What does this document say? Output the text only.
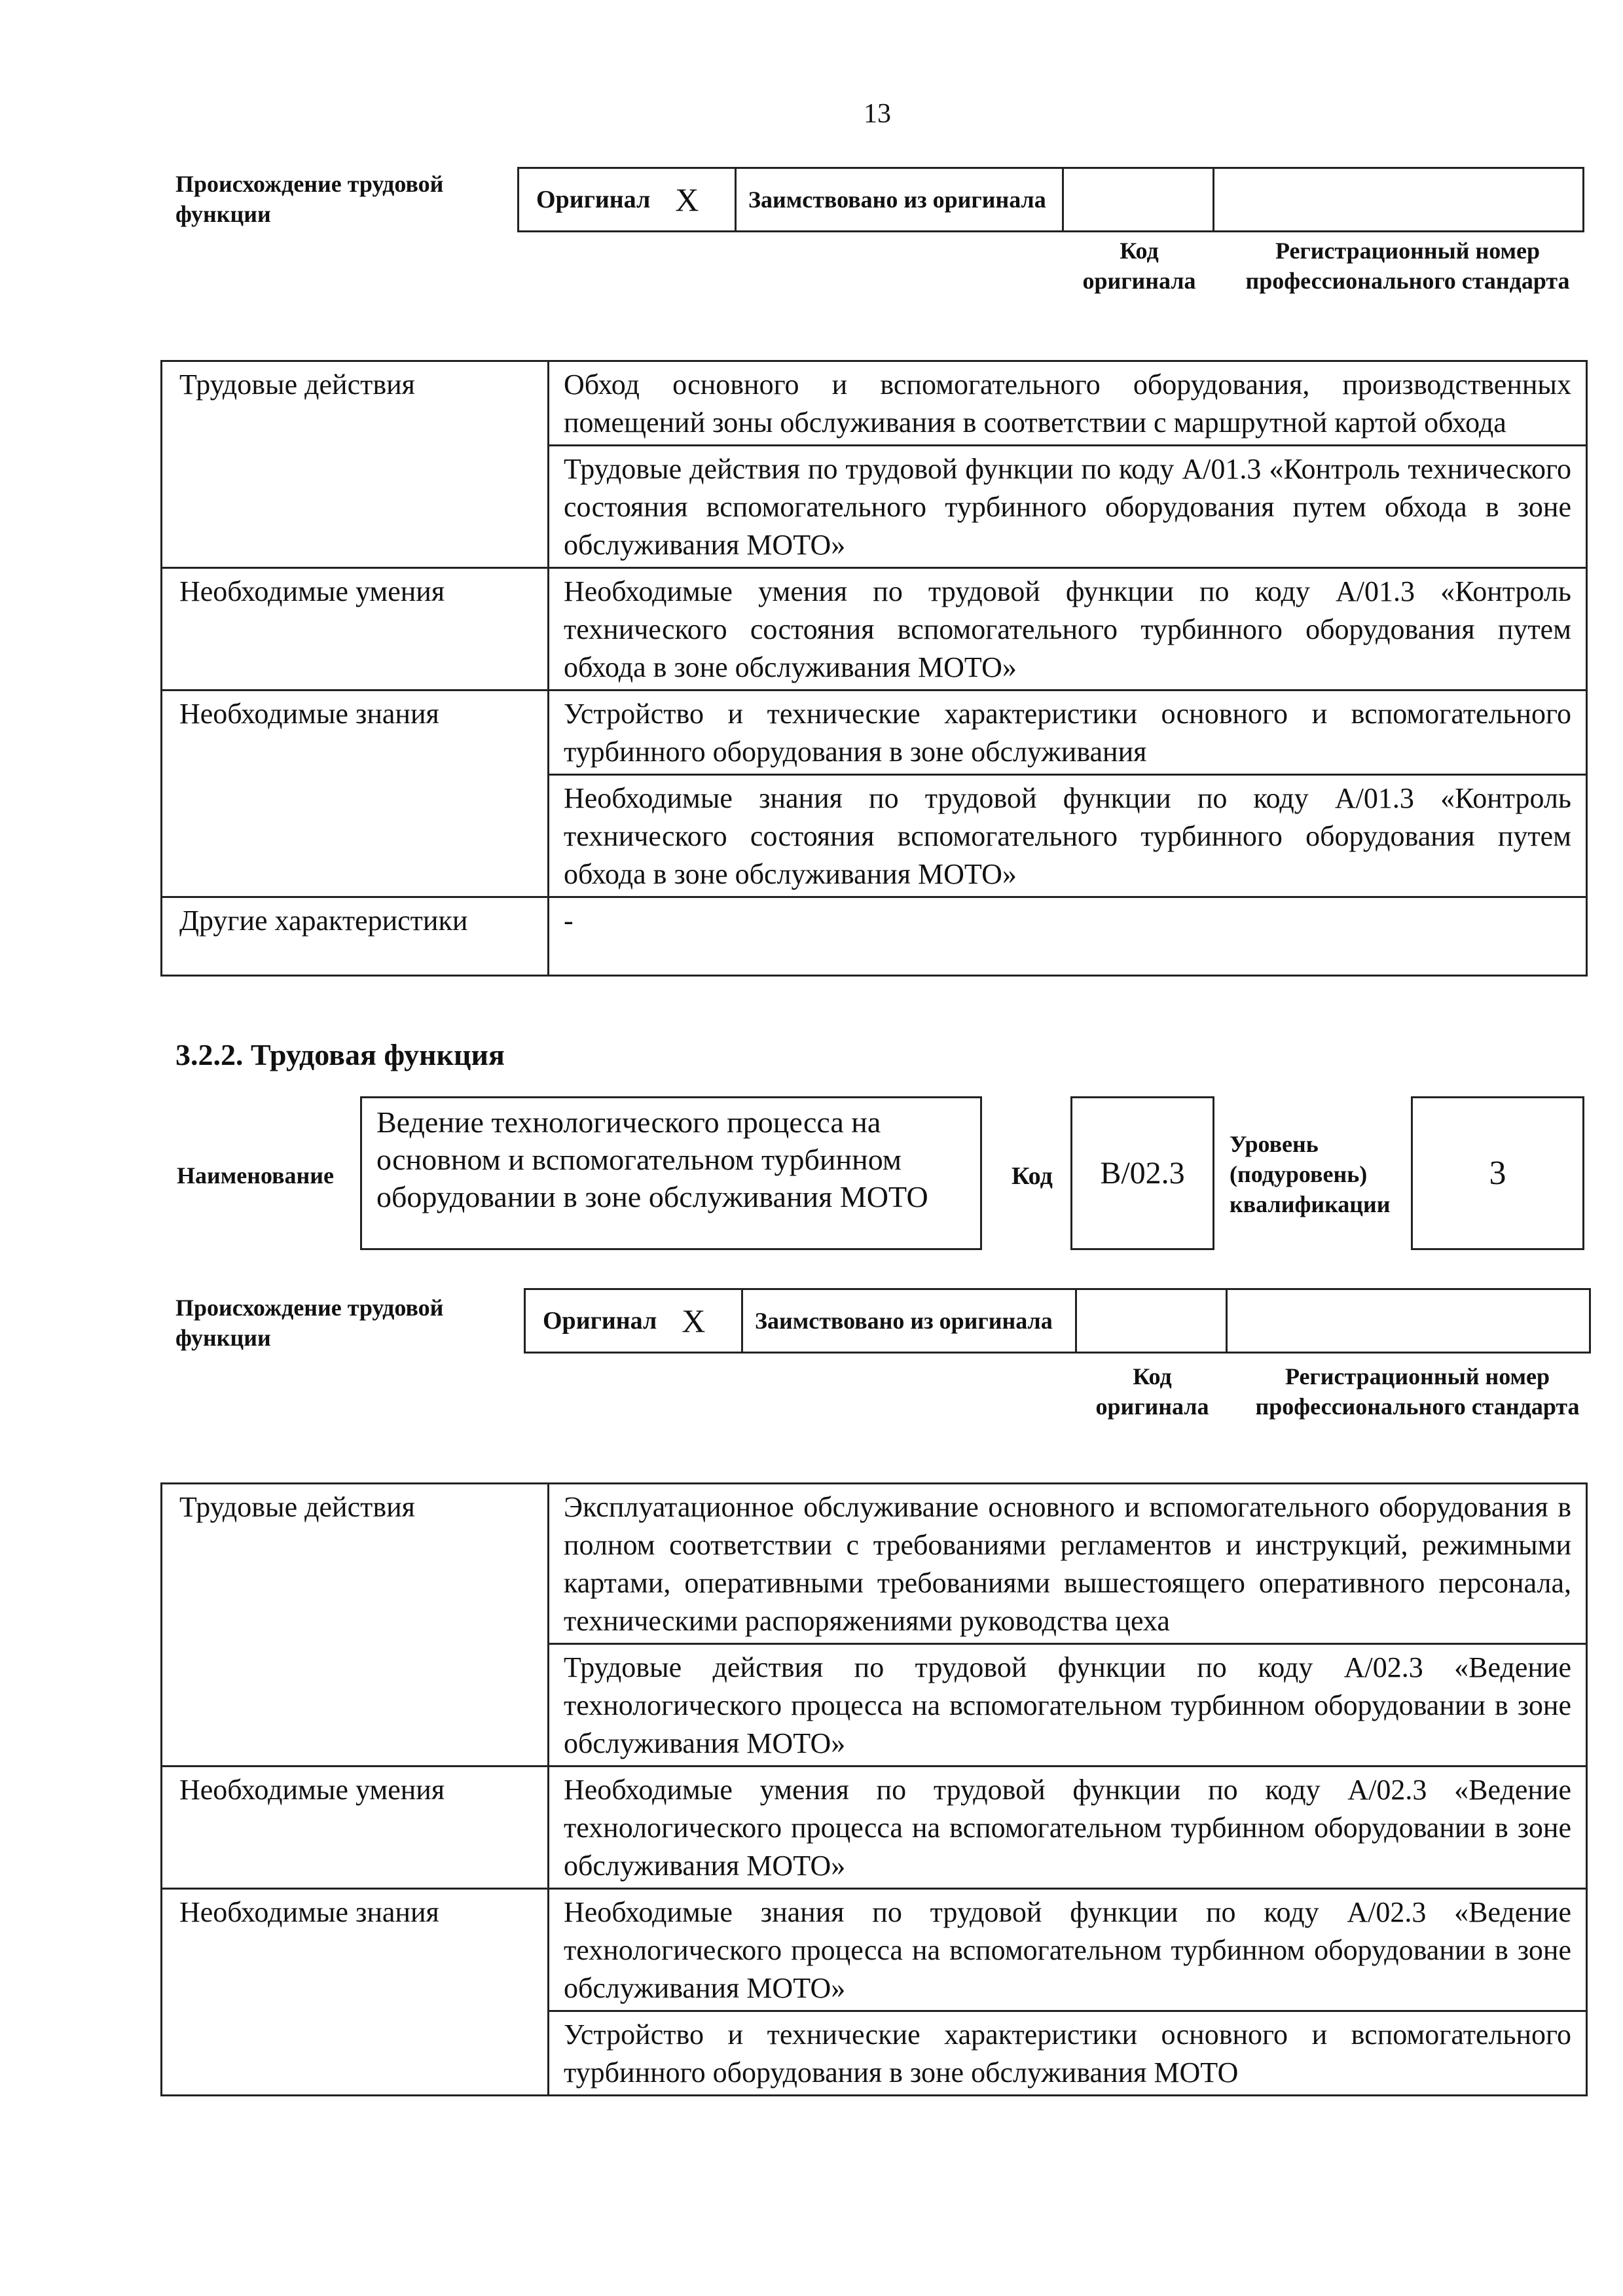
13
Происхождение трудовой функции
Оригинал X	Заимствовано из оригинала
Код оригинала
Регистрационный номер профессионального стандарта
Трудовые действия	Обход основного и вспомогательного оборудования, производственных помещений зоны обслуживания в соответствии с маршрутной картой обхода
	Трудовые действия по трудовой функции по коду А/01.3 «Контроль технического состояния вспомогательного турбинного оборудования путем обхода в зоне обслуживания МОТО»
Необходимые умения	Необходимые умения по трудовой функции по коду А/01.3 «Контроль технического состояния вспомогательного турбинного оборудования путем обхода в зоне обслуживания МОТО»
Необходимые знания	Устройство и технические характеристики основного и вспомогательного турбинного оборудования в зоне обслуживания
	Необходимые знания по трудовой функции по коду А/01.3 «Контроль технического состояния вспомогательного турбинного оборудования путем обхода в зоне обслуживания МОТО»
Другие характеристики	-
3.2.2. Трудовая функция
Наименование
Ведение технологического процесса на основном и вспомогательном турбинном оборудовании в зоне обслуживания МОТО
Код	В/02.3
Уровень (подуровень) квалификации
3
Происхождение трудовой функции
Оригинал X	Заимствовано из оригинала
Код оригинала
Регистрационный номер профессионального стандарта
Трудовые действия	Эксплуатационное обслуживание основного и вспомогательного оборудования в полном соответствии с требованиями регламентов и инструкций, режимными картами, оперативными требованиями вышестоящего оперативного персонала, техническими распоряжениями руководства цеха
	Трудовые действия по трудовой функции по коду А/02.3 «Ведение технологического процесса на вспомогательном турбинном оборудовании в зоне обслуживания МОТО»
Необходимые умения	Необходимые умения по трудовой функции по коду А/02.3 «Ведение технологического процесса на вспомогательном турбинном оборудовании в зоне обслуживания МОТО»
Необходимые знания	Необходимые знания по трудовой функции по коду А/02.3 «Ведение технологического процесса на вспомогательном турбинном оборудовании в зоне обслуживания МОТО»
	Устройство и технические характеристики основного и вспомогательного турбинного оборудования в зоне обслуживания МОТО
